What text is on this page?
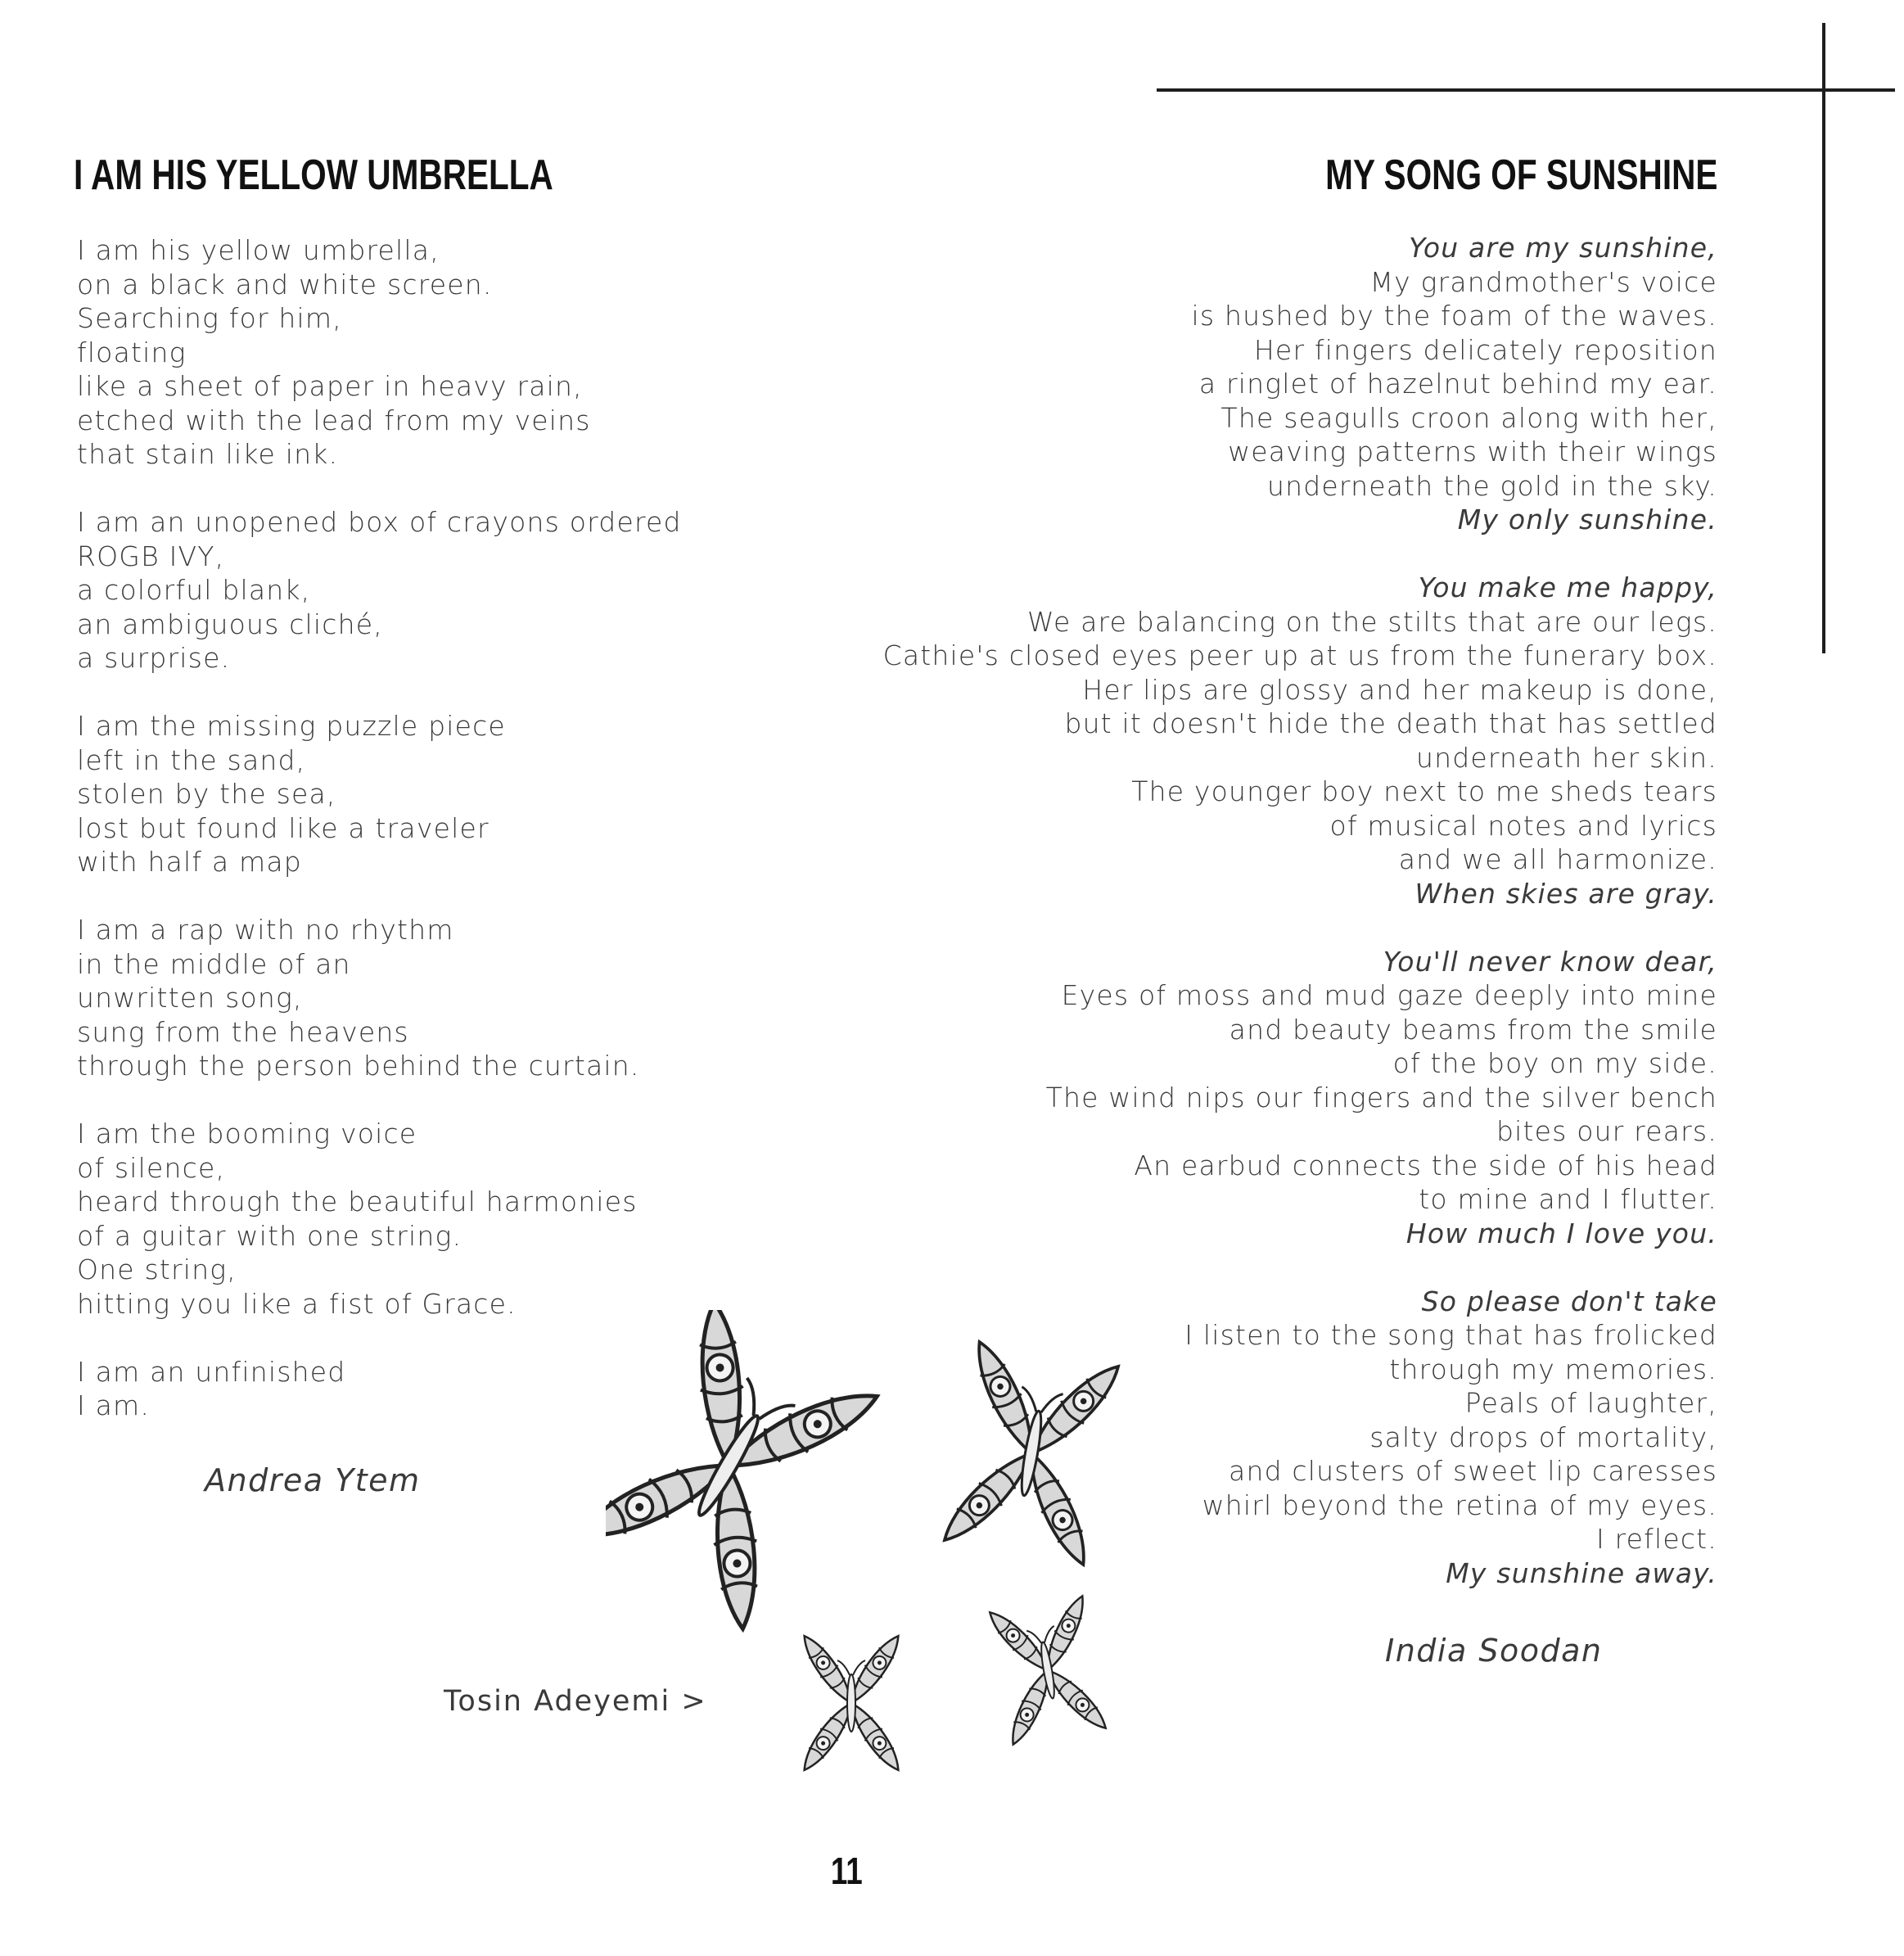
I AM HIS YELLOW UMBRELLA
I am his yellow umbrella,
on a black and white screen.
Searching for him,
floating
like a sheet of paper in heavy rain,
etched with the lead from my veins
that stain like ink.
I am an unopened box of crayons ordered
ROGB IVY,
a colorful blank,
an ambiguous cliché,
a surprise.
I am the missing puzzle piece
left in the sand,
stolen by the sea,
lost but found like a traveler
with half a map
I am a rap with no rhythm
in the middle of an
unwritten song,
sung from the heavens
through the person behind the curtain.
I am the booming voice
of silence,
heard through the beautiful harmonies
of a guitar with one string.
One string,
hitting you like a fist of Grace.
I am an unfinished
I am.
Andrea Ytem
MY SONG OF SUNSHINE
You are my sunshine,
My grandmother's voice
is hushed by the foam of the waves.
Her fingers delicately reposition
a ringlet of hazelnut behind my ear.
The seagulls croon along with her,
weaving patterns with their wings
underneath the gold in the sky.
My only sunshine.
You make me happy,
We are balancing on the stilts that are our legs.
Cathie's closed eyes peer up at us from the funerary box.
Her lips are glossy and her makeup is done,
but it doesn't hide the death that has settled
underneath her skin.
The younger boy next to me sheds tears
of musical notes and lyrics
and we all harmonize.
When skies are gray.
You'll never know dear,
Eyes of moss and mud gaze deeply into mine
and beauty beams from the smile
of the boy on my side.
The wind nips our fingers and the silver bench
bites our rears.
An earbud connects the side of his head
to mine and I flutter.
How much I love you.
So please don't take
I listen to the song that has frolicked
through my memories.
Peals of laughter,
salty drops of mortality,
and clusters of sweet lip caresses
whirl beyond the retina of my eyes.
I reflect.
My sunshine away.
India Soodan
Tosin Adeyemi >
11
